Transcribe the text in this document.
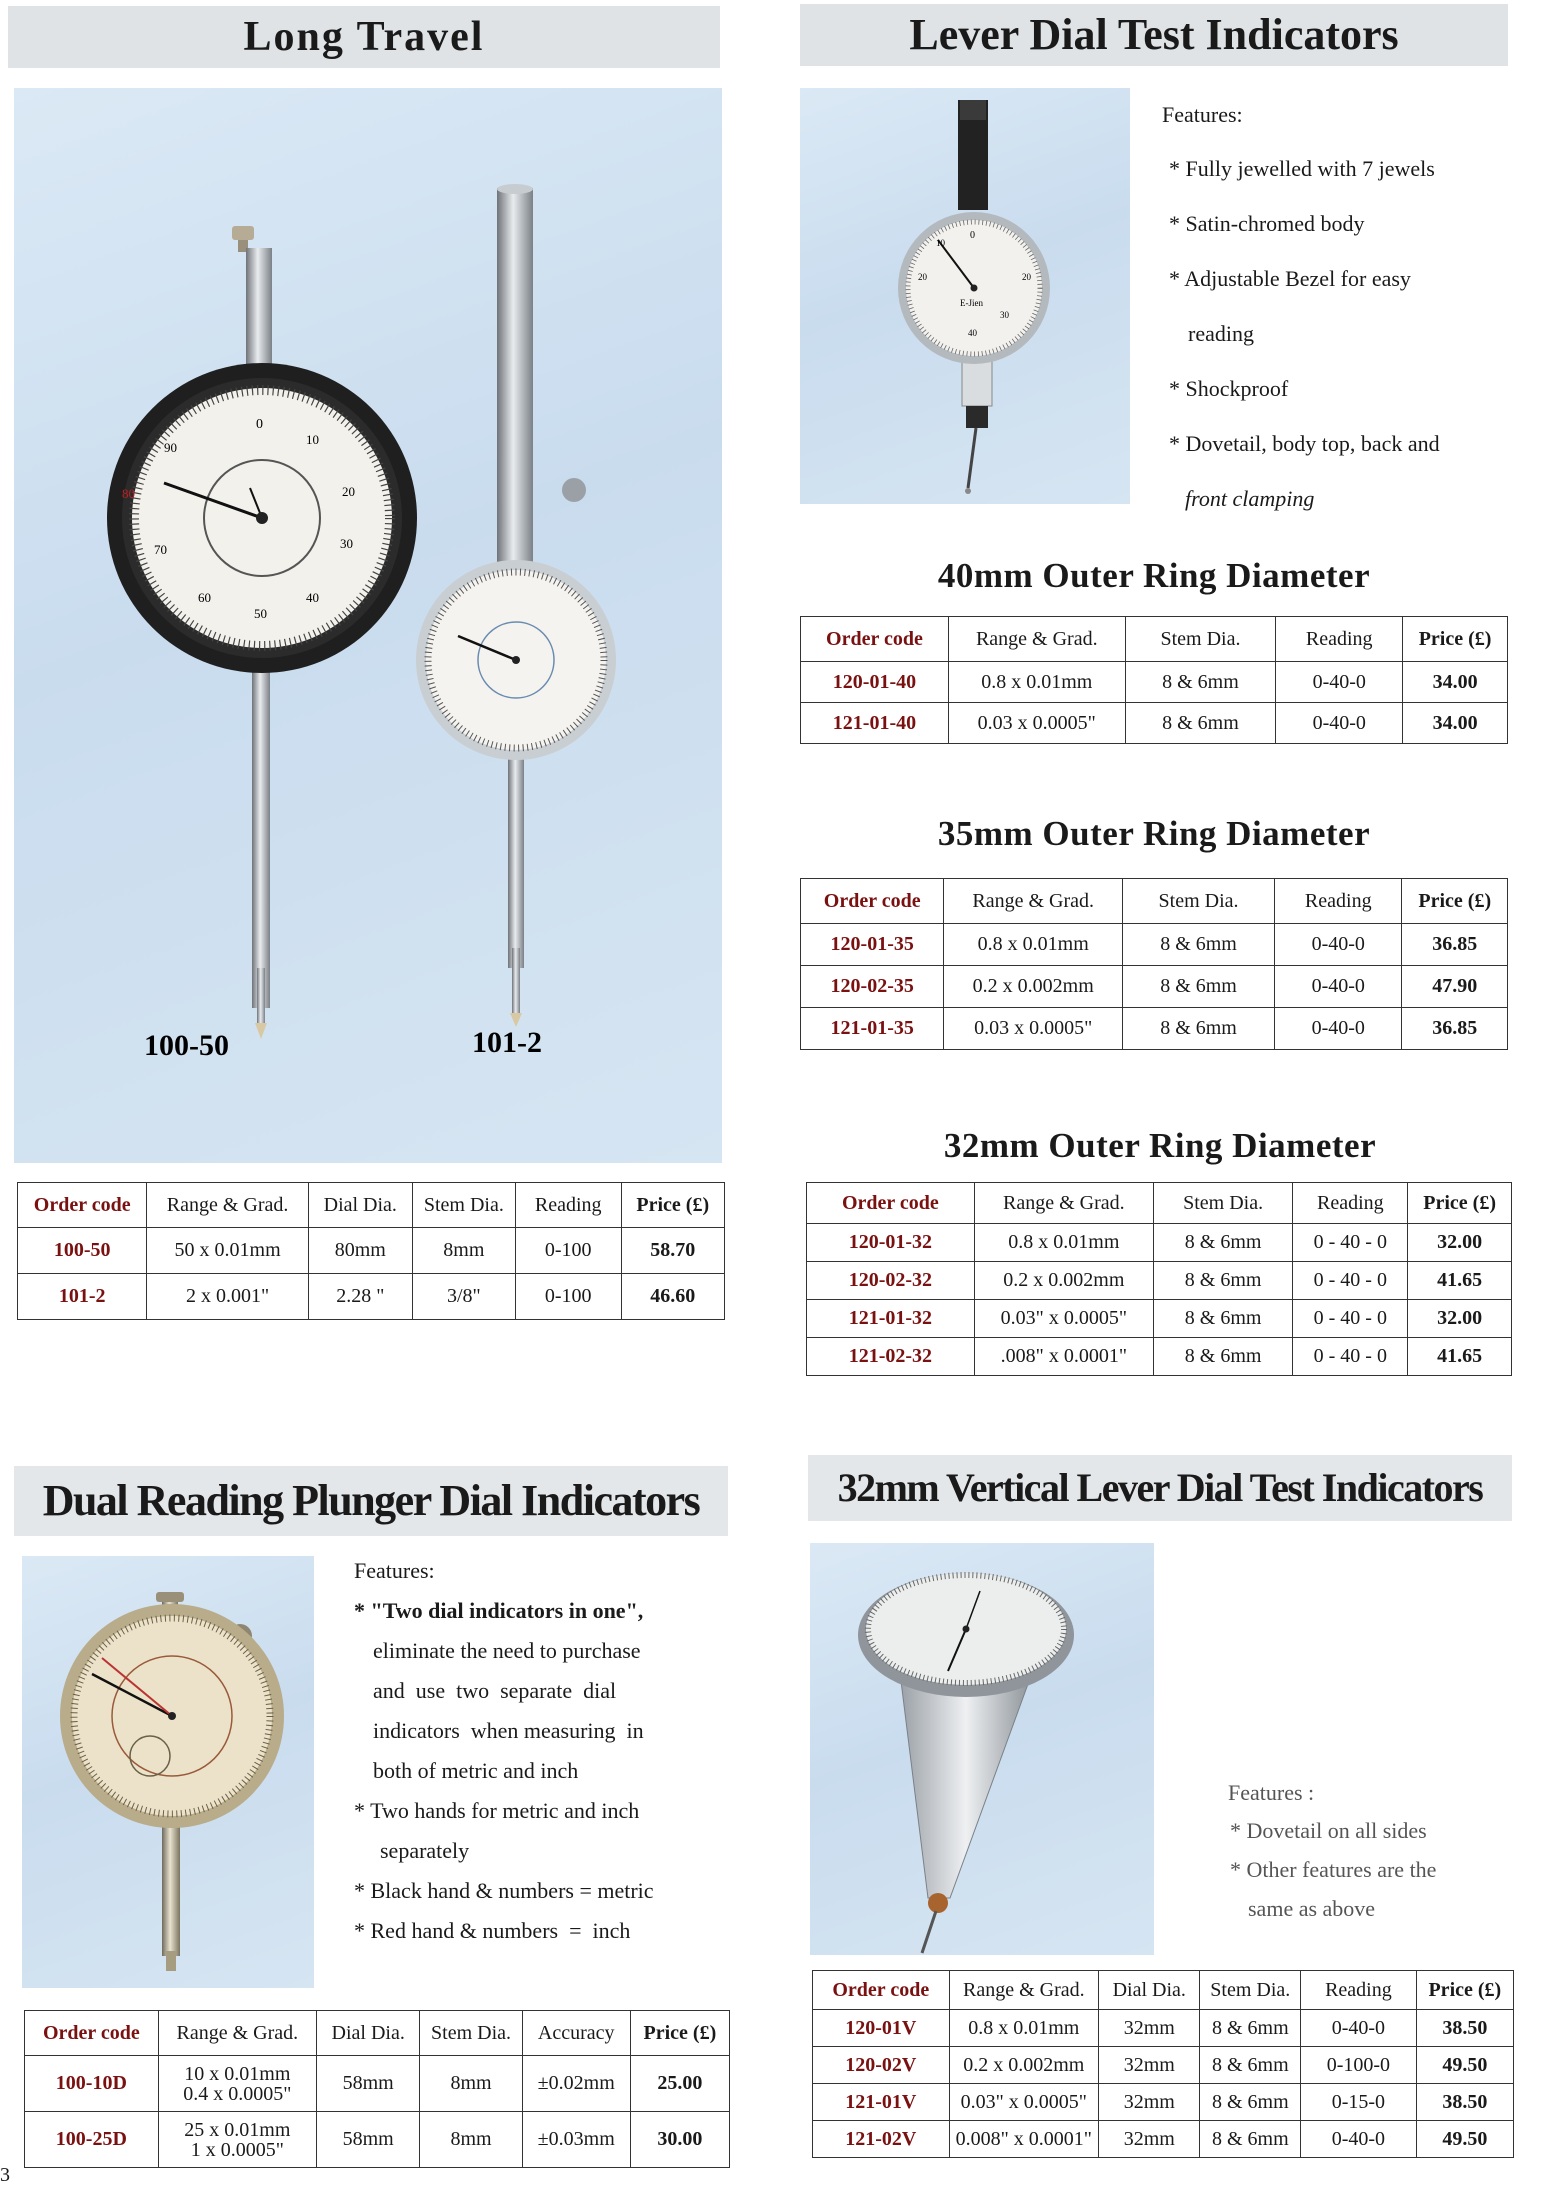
Long Travel
0
10
20
30
40
50
60
70
90
80
100-50	101-2
Order code	Range & Grad.	Dial Dia.	Stem Dia.	Reading	Price (£)
100-50	50 x 0.01mm	80mm	8mm	0-100	58.70
101-2	2 x 0.001"	2.28 "	3/8"	0-100	46.60
Lever Dial Test Indicators
0
10
20	20
30
40
E-Jien
Features:
* Fully jewelled with 7 jewels
* Satin-chromed body
* Adjustable Bezel for easy
reading
* Shockproof
* Dovetail, body top, back and
front clamping
40mm Outer Ring Diameter
Order code	Range & Grad.	Stem Dia.	Reading	Price (£)
120-01-40	0.8 x 0.01mm	8 & 6mm	0-40-0	34.00
121-01-40	0.03 x 0.0005"	8 & 6mm	0-40-0	34.00
35mm Outer Ring Diameter
Order code	Range & Grad.	Stem Dia.	Reading	Price (£)
120-01-35	0.8 x 0.01mm	8 & 6mm	0-40-0	36.85
120-02-35	0.2 x 0.002mm	8 & 6mm	0-40-0	47.90
121-01-35	0.03 x 0.0005"	8 & 6mm	0-40-0	36.85
32mm Outer Ring Diameter
Order code	Range & Grad.	Stem Dia.	Reading	Price (£)
120-01-32	0.8 x 0.01mm	8 & 6mm	0 - 40 - 0	32.00
120-02-32	0.2 x 0.002mm	8 & 6mm	0 - 40 - 0	41.65
121-01-32	0.03" x 0.0005"	8 & 6mm	0 - 40 - 0	32.00
121-02-32	.008" x 0.0001"	8 & 6mm	0 - 40 - 0	41.65
Dual Reading Plunger Dial Indicators
Features:
* "Two dial indicators in one",
eliminate the need to purchase
and  use  two  separate  dial
indicators  when measuring  in
both of metric and inch
* Two hands for metric and inch
separately
* Black hand & numbers = metric
* Red hand & numbers  =  inch
Order code	Range & Grad.	Dial Dia.	Stem Dia.	Accuracy	Price (£)
100-10D	10 x 0.01mm
0.4 x 0.0005"	58mm	8mm	±0.02mm	25.00
100-25D	25 x 0.01mm
1 x 0.0005"	58mm	8mm	±0.03mm	30.00
32mm Vertical Lever Dial Test Indicators
Features :
* Dovetail on all sides
* Other features are the
same as above
Order code	Range & Grad.	Dial Dia.	Stem Dia.	Reading	Price (£)
120-01V	0.8 x 0.01mm	32mm	8 & 6mm	0-40-0	38.50
120-02V	0.2 x 0.002mm	32mm	8 & 6mm	0-100-0	49.50
121-01V	0.03" x 0.0005"	32mm	8 & 6mm	0-15-0	38.50
121-02V	0.008" x 0.0001"	32mm	8 & 6mm	0-40-0	49.50
3
